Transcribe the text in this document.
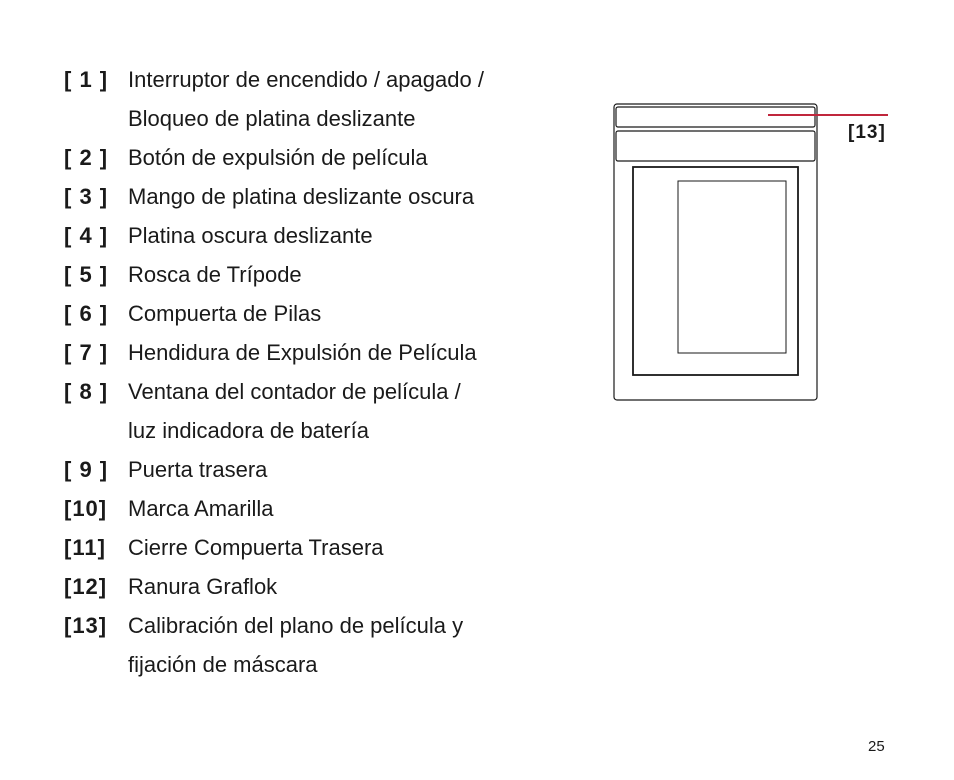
[ 1 ] Interruptor de encendido / apagado /
Bloqueo de platina deslizante
[ 2 ] Botón de expulsión de película
[ 3 ] Mango de platina deslizante oscura
[ 4 ] Platina oscura deslizante
[ 5 ] Rosca de Trípode
[ 6 ] Compuerta de Pilas
[ 7 ] Hendidura de Expulsión de Película
[ 8 ] Ventana del contador de película /
luz indicadora de batería
[ 9 ] Puerta trasera
[10] Marca Amarilla
[11]	Cierre Compuerta Trasera
[12] Ranura Graflok
[13] Calibración del plano de película y
fijación de máscara
[13]
25
